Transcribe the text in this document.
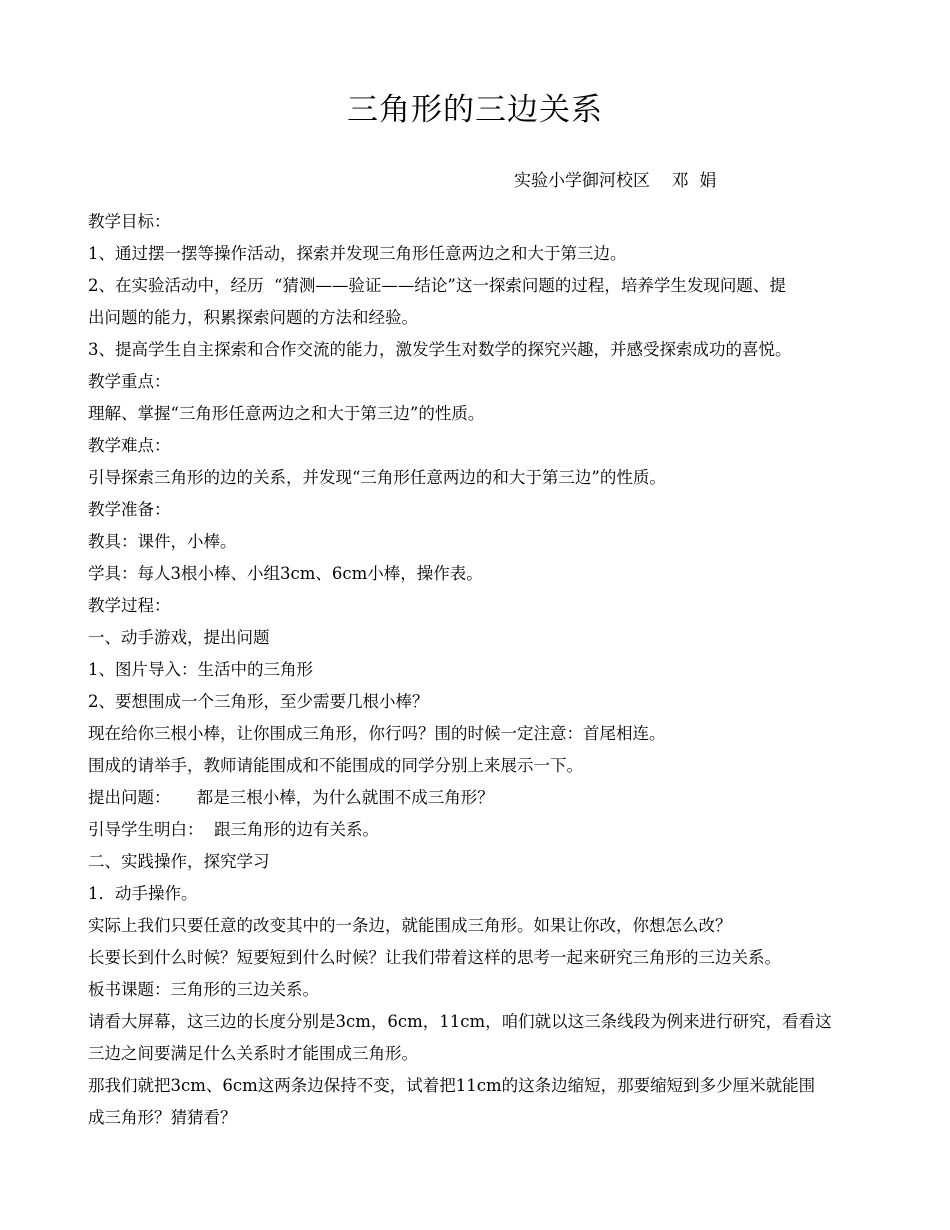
三角形的三边关系
实验小学御河校区    邓  娟
教学目标：
1、通过摆一摆等操作活动，探索并发现三角形任意两边之和大于第三边。
2、在实验活动中，经历  “猜测——验证——结论”这一探索问题的过程，培养学生发现问题、提
出问题的能力，积累探索问题的方法和经验。
3、提高学生自主探索和合作交流的能力，激发学生对数学的探究兴趣，并感受探索成功的喜悦。
教学重点：
理解、掌握“三角形任意两边之和大于第三边”的性质。
教学难点：
引导探索三角形的边的关系，并发现“三角形任意两边的和大于第三边”的性质。
教学准备：
教具：课件，小棒。
学具：每人3根小棒、小组3cm、6cm小棒，操作表。
教学过程：
一、动手游戏，提出问题
1、图片导入：生活中的三角形
2、要想围成一个三角形，至少需要几根小棒？
现在给你三根小棒，让你围成三角形，你行吗？围的时候一定注意：首尾相连。
围成的请举手，教师请能围成和不能围成的同学分别上来展示一下。
提出问题：     都是三根小棒，为什么就围不成三角形？
引导学生明白：  跟三角形的边有关系。
二、实践操作，探究学习
1．动手操作。
实际上我们只要任意的改变其中的一条边，就能围成三角形。如果让你改，你想怎么改？
长要长到什么时候？短要短到什么时候？让我们带着这样的思考一起来研究三角形的三边关系。
板书课题：三角形的三边关系。
请看大屏幕，这三边的长度分别是3cm，6cm，11cm，咱们就以这三条线段为例来进行研究，看看这
三边之间要满足什么关系时才能围成三角形。
那我们就把3cm、6cm这两条边保持不变，试着把11cm的这条边缩短，那要缩短到多少厘米就能围
成三角形？猜猜看？
